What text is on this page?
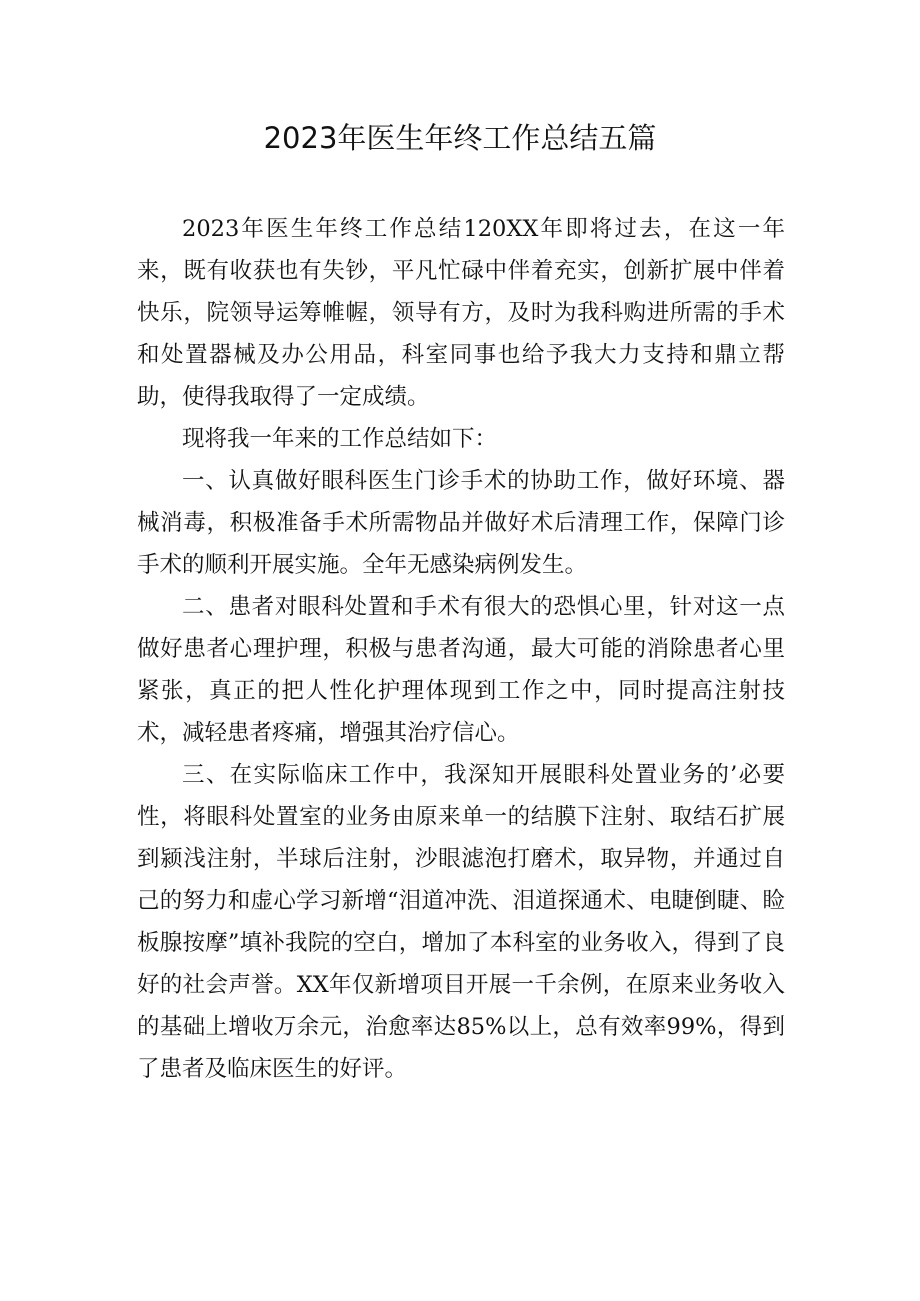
2023年医生年终工作总结五篇

2023年医生年终工作总结120XX年即将过去，在这一年来，既有收获也有失钞，平凡忙碌中伴着充实，创新扩展中伴着快乐，院领导运筹帷幄，领导有方，及时为我科购进所需的手术和处置器械及办公用品，科室同事也给予我大力支持和鼎立帮助，使得我取得了一定成绩。

现将我一年来的工作总结如下：

一、认真做好眼科医生门诊手术的协助工作，做好环境、器械消毒，积极准备手术所需物品并做好术后清理工作，保障门诊手术的顺利开展实施。全年无感染病例发生。

二、患者对眼科处置和手术有很大的恐惧心里，针对这一点做好患者心理护理，积极与患者沟通，最大可能的消除患者心里紧张，真正的把人性化护理体现到工作之中，同时提高注射技术，减轻患者疼痛，增强其治疗信心。

三、在实际临床工作中，我深知开展眼科处置业务的’必要性，将眼科处置室的业务由原来单一的结膜下注射、取结石扩展到颍浅注射，半球后注射，沙眼滤泡打磨术，取异物，并通过自己的努力和虚心学习新增“泪道冲洗、泪道探通术、电睫倒睫、睑板腺按摩”填补我院的空白，增加了本科室的业务收入，得到了良好的社会声誉。XX年仅新增项目开展一千余例，在原来业务收入的基础上增收万余元，治愈率达85%以上，总有效率99%，得到了患者及临床医生的好评。
